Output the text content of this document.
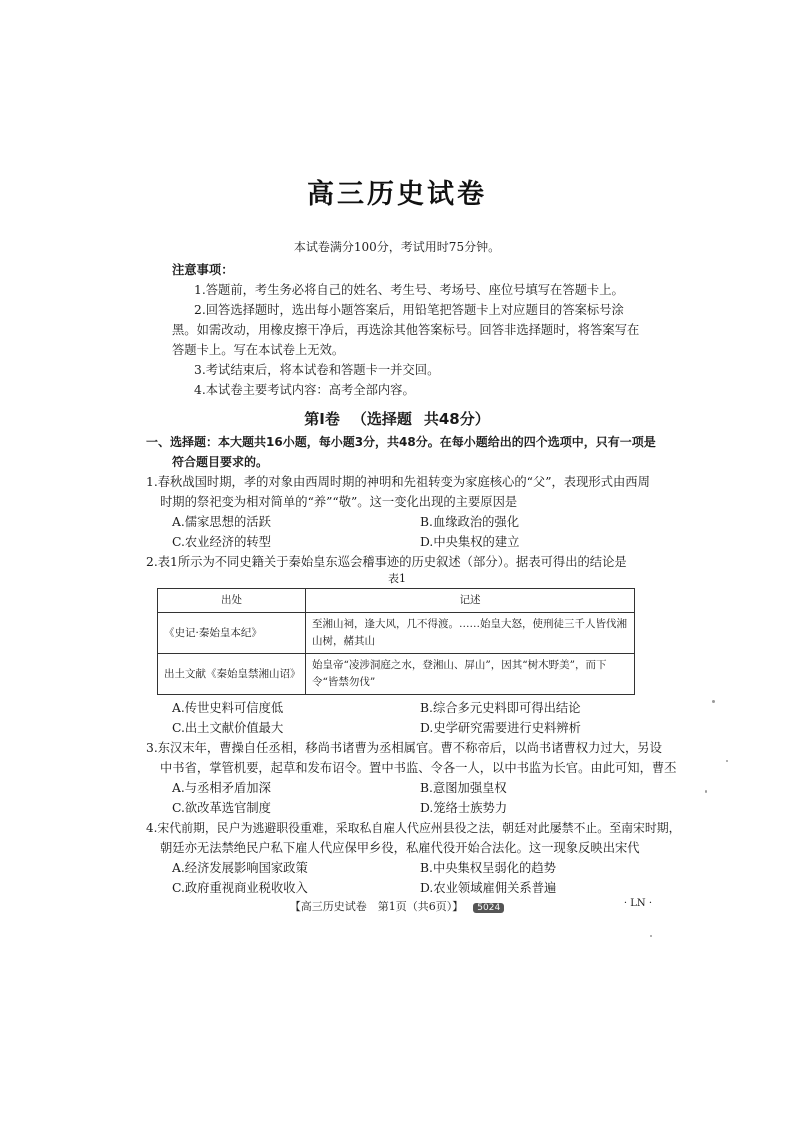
高三历史试卷
本试卷满分100分，考试用时75分钟。
注意事项：
1.答题前，考生务必将自己的姓名、考生号、考场号、座位号填写在答题卡上。
2.回答选择题时，选出每小题答案后，用铅笔把答题卡上对应题目的答案标号涂
黑。如需改动，用橡皮擦干净后，再选涂其他答案标号。回答非选择题时，将答案写在
答题卡上。写在本试卷上无效。
3.考试结束后，将本试卷和答题卡一并交回。
4.本试卷主要考试内容：高考全部内容。
第Ⅰ卷 （选择题 共48分）
一、选择题：本大题共16小题，每小题3分，共48分。在每小题给出的四个选项中，只有一项是
符合题目要求的。
1.春秋战国时期，孝的对象由西周时期的神明和先祖转变为家庭核心的“父”，表现形式由西周
时期的祭祀变为相对简单的“养”“敬”。这一变化出现的主要原因是
A.儒家思想的活跃	B.血缘政治的强化
C.农业经济的转型	D.中央集权的建立
2.表1所示为不同史籍关于秦始皇东巡会稽事迹的历史叙述（部分）。据表可得出的结论是
表1
出处	记述
《史记·秦始皇本纪》	至湘山祠，逢大风，几不得渡。……始皇大怒，使刑徒三千人皆伐湘山树，赭其山
出土文献《秦始皇禁湘山诏》	始皇帝“凌涉洞庭之水，登湘山、屏山”，因其“树木野美”，而下令“皆禁勿伐”
A.传世史料可信度低	B.综合多元史料即可得出结论
C.出土文献价值最大	D.史学研究需要进行史料辨析
3.东汉末年，曹操自任丞相，移尚书诸曹为丞相属官。曹不称帝后，以尚书诸曹权力过大，另设
中书省，掌管机要，起草和发布诏令。置中书监、令各一人，以中书监为长官。由此可知，曹丕
A.与丞相矛盾加深	B.意图加强皇权
C.欲改革选官制度	D.笼络士族势力
4.宋代前期，民户为逃避职役重难，采取私自雇人代应州县役之法，朝廷对此屡禁不止。至南宋时期，
朝廷亦无法禁绝民户私下雇人代应保甲乡役，私雇代役开始合法化。这一现象反映出宋代
A.经济发展影响国家政策	B.中央集权呈弱化的趋势
C.政府重视商业税收收入	D.农业领域雇佣关系普遍
【高三历史试卷　第1页（共6页）】 5024	· LN ·
